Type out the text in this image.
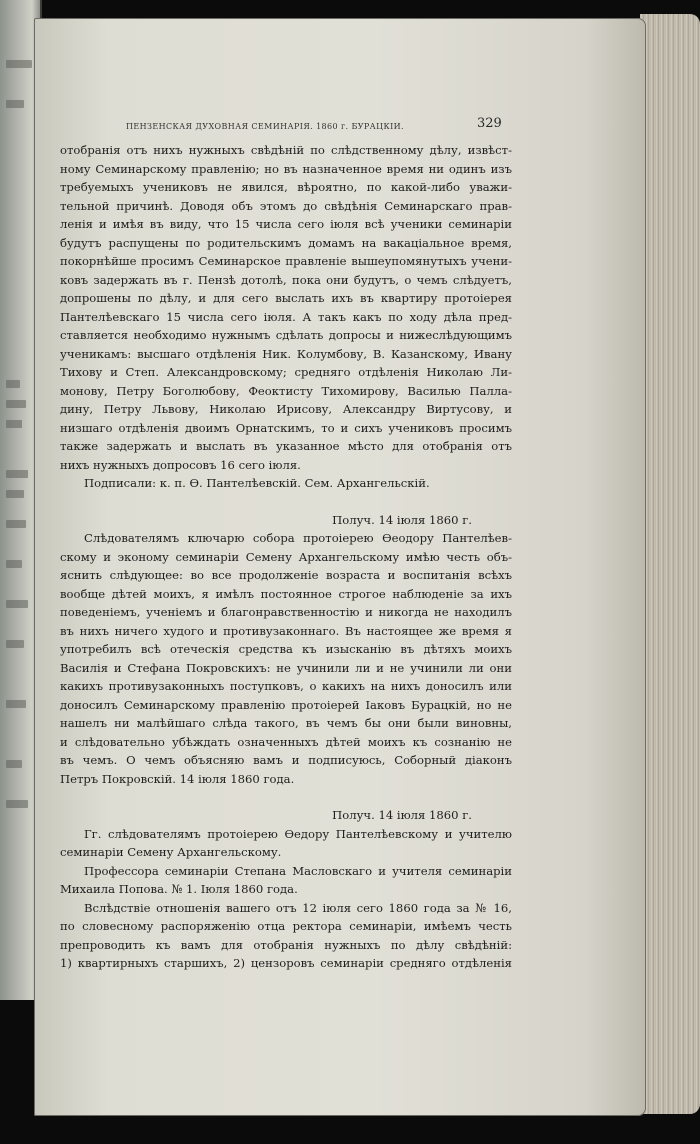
ПЕНЗЕНСКАЯ ДУХОВНАЯ СЕМИНАРІЯ. 1860 г. БУРАЦКІЙ.	329
отобранія отъ нихъ нужныхъ свѣдѣній по слѣдственному дѣлу, извѣст-
ному Семинарскому правленію; но въ назначенное время ни одинъ изъ
требуемыхъ учениковъ не явился, вѣроятно, по какой-либо уважи-
тельной причинѣ. Доводя объ этомъ до свѣдѣнія Семинарскаго прав-
ленія и имѣя въ виду, что 15 числа сего іюля всѣ ученики семинаріи
будутъ распущены по родительскимъ домамъ на вакаціальное время,
покорнѣйше просимъ Семинарское правленіе вышеупомянутыхъ учени-
ковъ задержать въ г. Пензѣ дотолѣ, пока они будутъ, о чемъ слѣдуетъ,
допрошены по дѣлу, и для сего выслать ихъ въ квартиру протоіерея
Пантелѣевскаго 15 числа сего іюля. А такъ какъ по ходу дѣла пред-
ставляется необходимо нужнымъ сдѣлать допросы и нижеслѣдующимъ
ученикамъ: высшаго отдѣленія Ник. Колумбову, В. Казанскому, Ивану
Тихову и Степ. Александровскому; средняго отдѣленія Николаю Ли-
монову, Петру Боголюбову, Феоктисту Тихомирову, Василью Палла-
дину, Петру Львову, Николаю Ирисову, Александру Виртусову, и
низшаго отдѣленія двоимъ Орнатскимъ, то и сихъ учениковъ просимъ
также задержать и выслать въ указанное мѣсто для отобранія отъ
нихъ нужныхъ допросовъ 16 сего іюля.
Подписали: к. п. Ѳ. Пантелѣевскій. Сем. Архангельскій.
Получ. 14 іюля 1860 г.
Слѣдователямъ ключарю собора протоіерею Ѳеодору Пантелѣев-
скому и эконому семинаріи Семену Архангельскому имѣю честь объ-
яснить слѣдующее: во все продолженіе возраста и воспитанія всѣхъ
вообще дѣтей моихъ, я имѣлъ постоянное строгое наблюденіе за ихъ
поведеніемъ, ученіемъ и благонравственностію и никогда не находилъ
въ нихъ ничего худого и противузаконнаго. Въ настоящее же время я
употребилъ всѣ отеческія средства къ изысканію въ дѣтяхъ моихъ
Василія и Стефана Покровскихъ: не учинили ли и не учинили ли они
какихъ противузаконныхъ поступковъ, о какихъ на нихъ доносилъ или
доносилъ Семинарскому правленію протоіерей Іаковъ Бурацкій, но не
нашелъ ни малѣйшаго слѣда такого, въ чемъ бы они были виновны,
и слѣдовательно убѣждать означенныхъ дѣтей моихъ къ сознанію не
въ чемъ. О чемъ объясняю вамъ и подписуюсь, Соборный діаконъ
Петръ Покровскій. 14 іюля 1860 года.
Получ. 14 іюля 1860 г.
Гг. слѣдователямъ протоіерею Ѳедору Пантелѣевскому и учителю
семинаріи Семену Архангельскому.
Профессора семинаріи Степана Масловскаго и учителя семинаріи
Михаила Попова. № 1. Іюля 1860 года.
Вслѣдствіе отношенія вашего отъ 12 іюля сего 1860 года за № 16,
по словесному распоряженію отца ректора семинаріи, имѣемъ честь
препроводить къ вамъ для отобранія нужныхъ по дѣлу свѣдѣній:
1) квартирныхъ старшихъ, 2) цензоровъ семинаріи средняго отдѣленія
